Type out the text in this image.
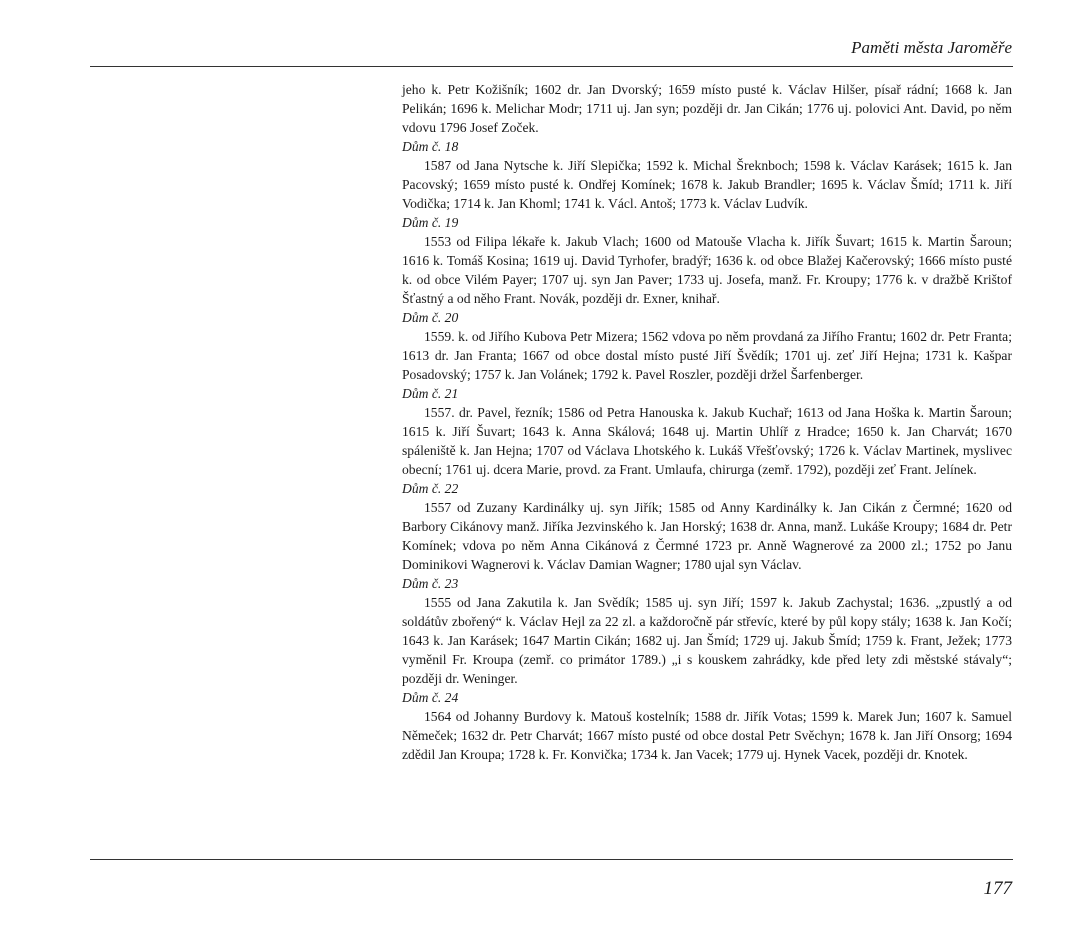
Paměti města Jaroměře

jeho k. Petr Kožišník; 1602 dr. Jan Dvorský; 1659 místo pusté k. Václav Hilšer, písař rádní; 1668 k. Jan Pelikán; 1696 k. Melichar Modr; 1711 uj. Jan syn; později dr. Jan Cikán; 1776 uj. polovici Ant. David, po něm vdovu 1796 Josef Zoček.

Dům č. 18

1587 od Jana Nytsche k. Jiří Slepička; 1592 k. Michal Šreknboch; 1598 k. Václav Karásek; 1615 k. Jan Pacovský; 1659 místo pusté k. Ondřej Komínek; 1678 k. Jakub Brandler; 1695 k. Václav Šmíd; 1711 k. Jiří Vodička; 1714 k. Jan Khoml; 1741 k. Václ. Antoš; 1773 k. Václav Ludvík.

Dům č. 19

1553 od Filipa lékaře k. Jakub Vlach; 1600 od Matouše Vlacha k. Jiřík Šuvart; 1615 k. Martin Šaroun; 1616 k. Tomáš Kosina; 1619 uj. David Tyrhofer, bradýř; 1636 k. od obce Blažej Kačerovský; 1666 místo pusté k. od obce Vilém Payer; 1707 uj. syn Jan Paver; 1733 uj. Josefa, manž. Fr. Kroupy; 1776 k. v dražbě Krištof Šťastný a od něho Frant. Novák, později dr. Exner, knihař.

Dům č. 20

1559. k. od Jiřího Kubova Petr Mizera; 1562 vdova po něm provdaná za Jiřího Frantu; 1602 dr. Petr Franta; 1613 dr. Jan Franta; 1667 od obce dostal místo pusté Jiří Švědík; 1701 uj. zeť Jiří Hejna; 1731 k. Kašpar Posadovský; 1757 k. Jan Volánek; 1792 k. Pavel Roszler, později držel Šarfenberger.

Dům č. 21

1557. dr. Pavel, řezník; 1586 od Petra Hanouska k. Jakub Kuchař; 1613 od Jana Hoška k. Martin Šaroun; 1615 k. Jiří Šuvart; 1643 k. Anna Skálová; 1648 uj. Martin Uhlíř z Hradce; 1650 k. Jan Charvát; 1670 spáleniště k. Jan Hejna; 1707 od Václava Lhotského k. Lukáš Vřešťovský; 1726 k. Václav Martinek, myslivec obecní; 1761 uj. dcera Marie, provd. za Frant. Umlaufa, chirurga (zemř. 1792), později zeť Frant. Jelínek.

Dům č. 22

1557 od Zuzany Kardinálky uj. syn Jiřík; 1585 od Anny Kardinálky k. Jan Cikán z Čermné; 1620 od Barbory Cikánovy manž. Jiříka Jezvinského k. Jan Horský; 1638 dr. Anna, manž. Lukáše Kroupy; 1684 dr. Petr Komínek; vdova po něm Anna Cikánová z Čermné 1723 pr. Anně Wagnerové za 2000 zl.; 1752 po Janu Dominikovi Wagnerovi k. Václav Damian Wagner; 1780 ujal syn Václav.

Dům č. 23

1555 od Jana Zakutila k. Jan Svědík; 1585 uj. syn Jiří; 1597 k. Jakub Zachystal; 1636. „zpustlý a od soldátův zbořený“ k. Václav Hejl za 22 zl. a každoročně pár střevíc, které by půl kopy stály; 1638 k. Jan Kočí; 1643 k. Jan Karásek; 1647 Martin Cikán; 1682 uj. Jan Šmíd; 1729 uj. Jakub Šmíd; 1759 k. Frant, Ježek; 1773 vyměnil Fr. Kroupa (zemř. co primátor 1789.) „i s kouskem zahrádky, kde před lety zdi městské stávaly“; později dr. Weninger.

Dům č. 24

1564 od Johanny Burdovy k. Matouš kostelník; 1588 dr. Jiřík Votas; 1599 k. Marek Jun; 1607 k. Samuel Němeček; 1632 dr. Petr Charvát; 1667 místo pusté od obce dostal Petr Svěchyn; 1678 k. Jan Jiří Onsorg; 1694 zdědil Jan Kroupa; 1728 k. Fr. Konvička; 1734 k. Jan Vacek; 1779 uj. Hynek Vacek, později dr. Knotek.

177
